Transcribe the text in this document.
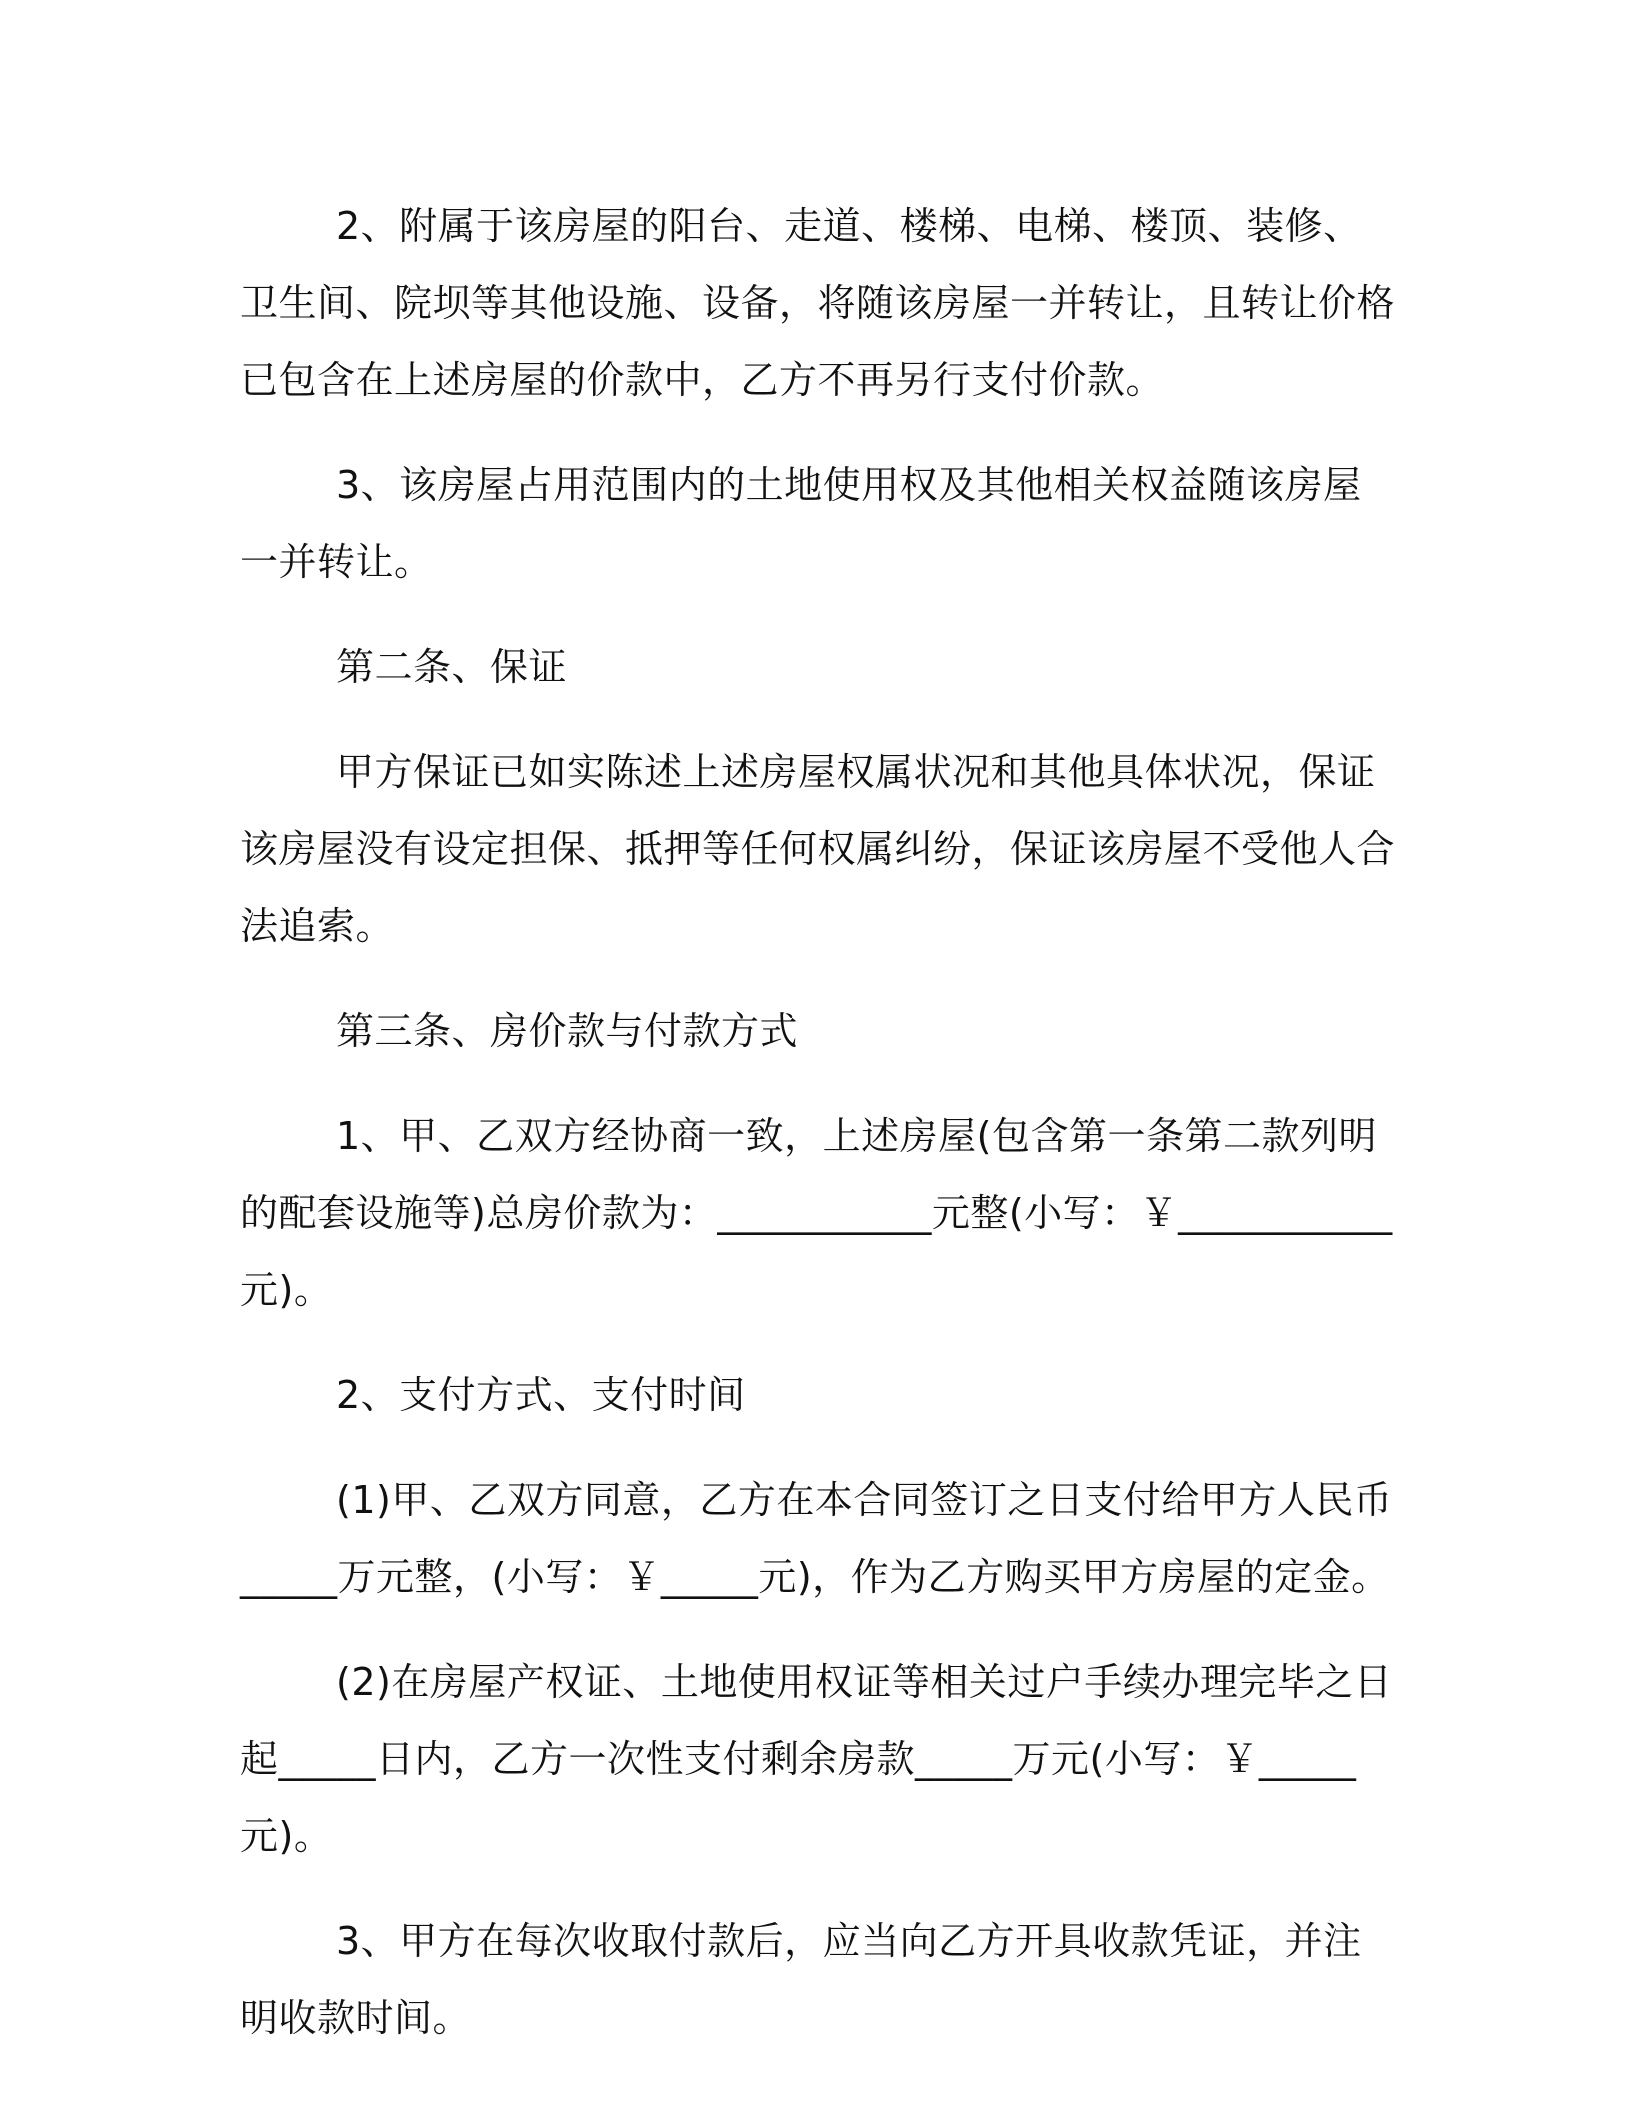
2、附属于该房屋的阳台、走道、楼梯、电梯、楼顶、装修、卫生间、院坝等其他设施、设备，将随该房屋一并转让，且转让价格已包含在上述房屋的价款中，乙方不再另行支付价款。

3、该房屋占用范围内的土地使用权及其他相关权益随该房屋一并转让。

第二条、保证

甲方保证已如实陈述上述房屋权属状况和其他具体状况，保证该房屋没有设定担保、抵押等任何权属纠纷，保证该房屋不受他人合法追索。

第三条、房价款与付款方式

1、甲、乙双方经协商一致，上述房屋(包含第一条第二款列明的配套设施等)总房价款为：___________元整(小写：￥___________元)。

2、支付方式、支付时间

(1)甲、乙双方同意，乙方在本合同签订之日支付给甲方人民币_____万元整，(小写：￥_____元)，作为乙方购买甲方房屋的定金。

(2)在房屋产权证、土地使用权证等相关过户手续办理完毕之日起_____日内，乙方一次性支付剩余房款_____万元(小写：￥_____元)。

3、甲方在每次收取付款后，应当向乙方开具收款凭证，并注明收款时间。
